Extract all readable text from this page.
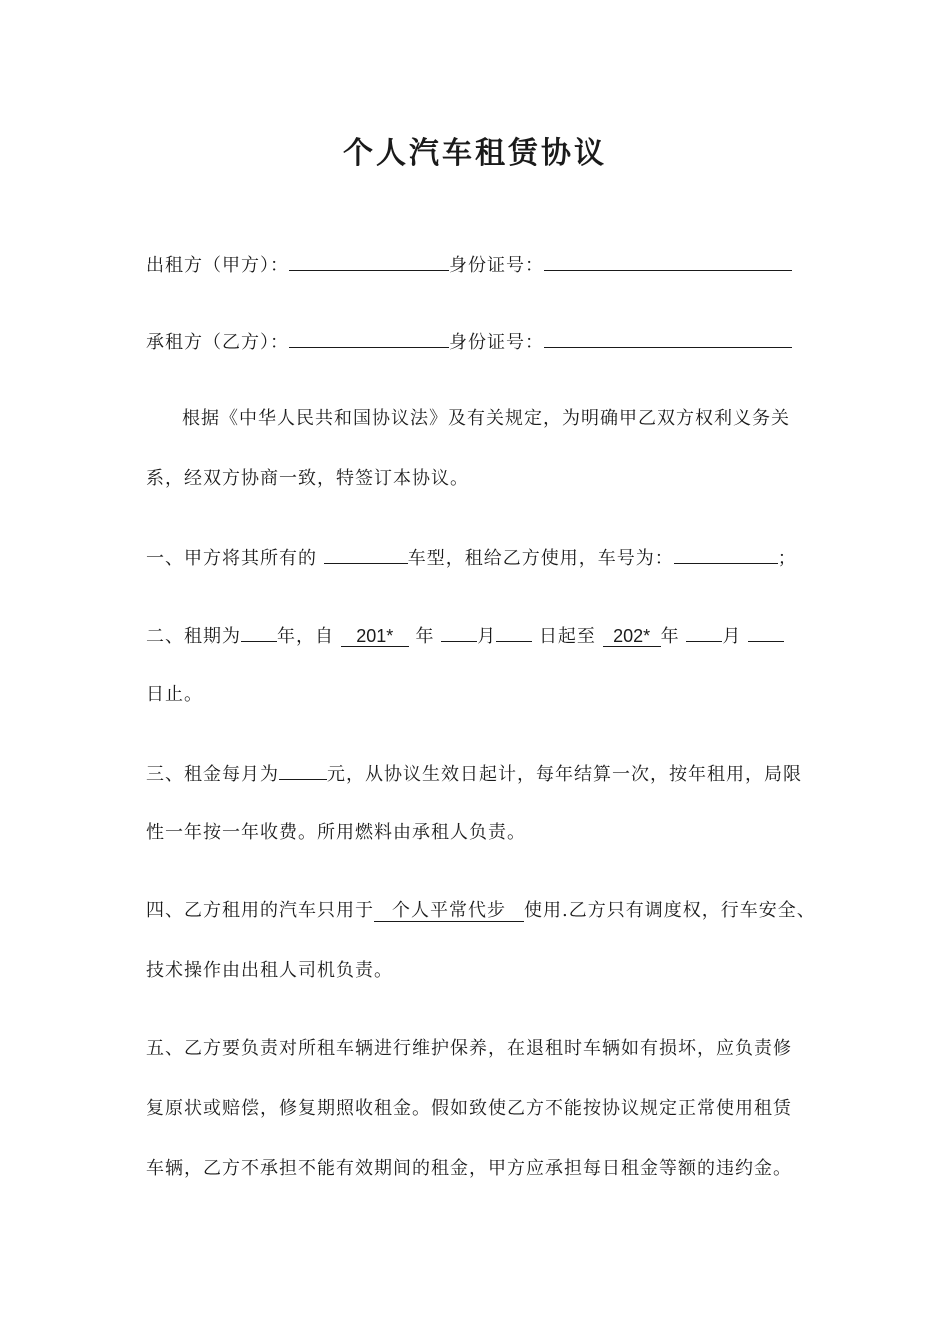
个人汽车租赁协议
出租方（甲方）：	身份证号：
承租方（乙方）：	身份证号：
根据《中华人民共和国协议法》及有关规定，为明确甲乙双方权利义务关
系，经双方协商一致，特签订本协议。
一、甲方将其所有的	车型，租给乙方使用，车号为：	；
二、租期为 年，自 201* 年 月 日起至 202* 年 月
日止。
三、租金每月为	元，从协议生效日起计，每年结算一次，按年租用，局限
性一年按一年收费。所用燃料由承租人负责。
四、乙方租用的汽车只用于 个人平常代步 使用.乙方只有调度权，行车安全、
技术操作由出租人司机负责。
五、乙方要负责对所租车辆进行维护保养，在退租时车辆如有损坏，应负责修
复原状或赔偿，修复期照收租金。假如致使乙方不能按协议规定正常使用租赁
车辆，乙方不承担不能有效期间的租金，甲方应承担每日租金等额的违约金。
